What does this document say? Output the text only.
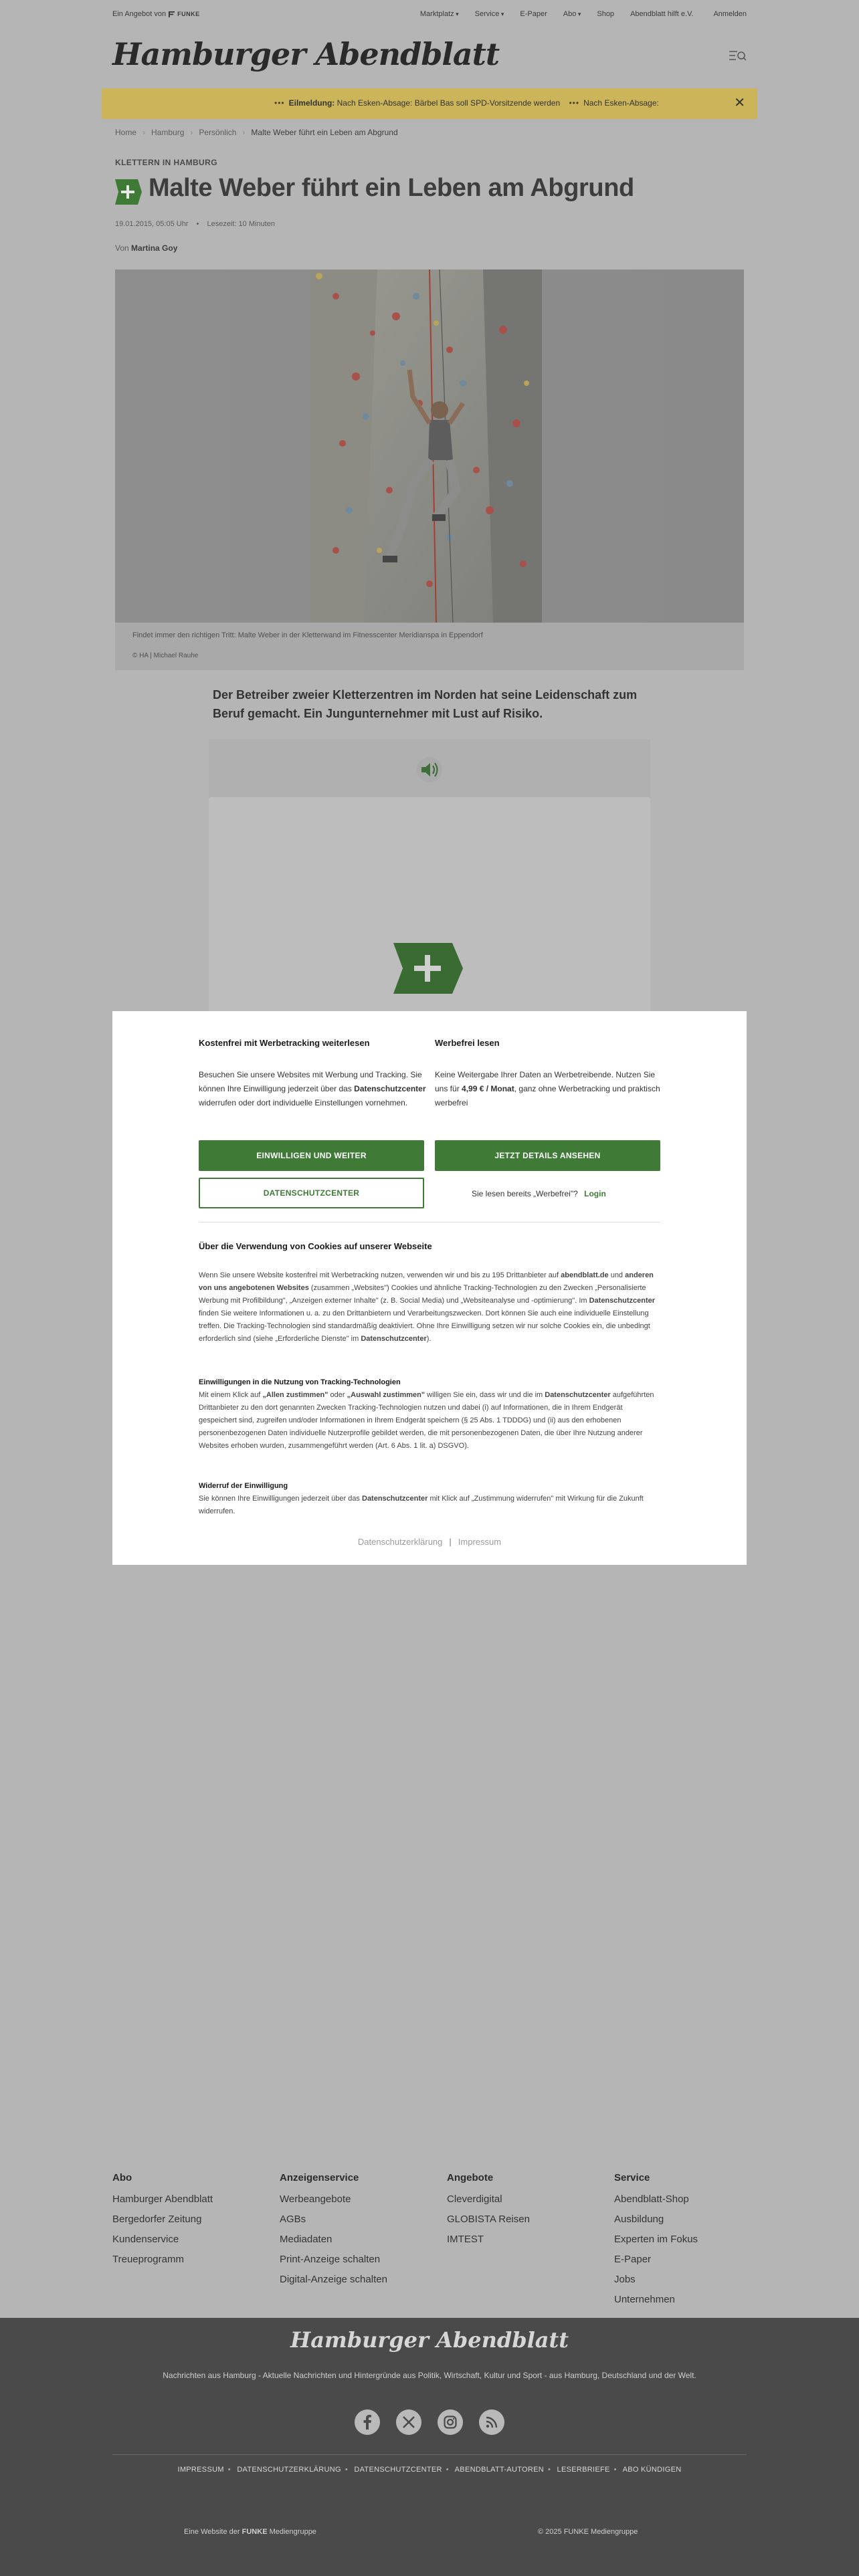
Ein Angebot von FUNKE	Marktplatz ▾	Service ▾	E-Paper Abo ▾	Shop Abendblatt hilft e.V.	Anmelden
Hamburger Abendblatt
••• Eilmeldung: Nach Esken-Absage: Bärbel Bas soll SPD-Vorsitzende werden ••• Nach Esken-Absage:	✕
Home › Hamburg › Persönlich › Malte Weber führt ein Leben am Abgrund
KLETTERN IN HAMBURG
Malte Weber führt ein Leben am Abgrund
19.01.2015, 05:05 Uhr • Lesezeit: 10 Minuten
Von Martina Goy
Findet immer den richtigen Tritt: Malte Weber in der Kletterwand im Fitnesscenter Meridianspa in Eppendorf
© HA | Michael Rauhe
Der Betreiber zweier Kletterzentren im Norden hat seine Leidenschaft zum Beruf gemacht. Ein Jungunternehmer mit Lust auf Risiko.
Kostenfrei mit Werbetracking weiterlesen
Besuchen Sie unsere Websites mit Werbung und Tracking. Sie können Ihre Einwilligung jederzeit über das Datenschutzcenter widerrufen oder dort individuelle Einstellungen vornehmen.
Werbefrei lesen
Keine Weitergabe Ihrer Daten an Werbetreibende. Nutzen Sie uns für 4,99 € / Monat, ganz ohne Werbetracking und praktisch werbefrei
EINWILLIGEN UND WEITER	JETZT DETAILS ANSEHEN
DATENSCHUTZCENTER	Sie lesen bereits „Werbefrei"? Login
Über die Verwendung von Cookies auf unserer Webseite
Wenn Sie unsere Website kostenfrei mit Werbetracking nutzen, verwenden wir und bis zu 195 Drittanbieter auf abendblatt.de und anderen von uns angebotenen Websites (zusammen „Websites") Cookies und ähnliche Tracking-Technologien zu den Zwecken „Personalisierte Werbung mit Profilbildung", „Anzeigen externer Inhalte" (z. B. Social Media) und „Websiteanalyse und -optimierung". Im Datenschutzcenter finden Sie weitere Informationen u. a. zu den Drittanbietern und Verarbeitungszwecken. Dort können Sie auch eine individuelle Einstellung treffen. Die Tracking-Technologien sind standardmäßig deaktiviert. Ohne Ihre Einwilligung setzen wir nur solche Cookies ein, die unbedingt erforderlich sind (siehe „Erforderliche Dienste" im Datenschutzcenter).
Einwilligungen in die Nutzung von Tracking-Technologien
Mit einem Klick auf „Allen zustimmen" oder „Auswahl zustimmen" willigen Sie ein, dass wir und die im Datenschutzcenter aufgeführten Drittanbieter zu den dort genannten Zwecken Tracking-Technologien nutzen und dabei (i) auf Informationen, die in Ihrem Endgerät gespeichert sind, zugreifen und/oder Informationen in Ihrem Endgerät speichern (§ 25 Abs. 1 TDDDG) und (ii) aus den erhobenen personenbezogenen Daten individuelle Nutzerprofile gebildet werden, die mit personenbezogenen Daten, die über Ihre Nutzung anderer Websites erhoben wurden, zusammengeführt werden (Art. 6 Abs. 1 lit. a) DSGVO).
Widerruf der Einwilligung
Sie können Ihre Einwilligungen jederzeit über das Datenschutzcenter mit Klick auf „Zustimmung widerrufen" mit Wirkung für die Zukunft widerrufen.
Datenschutzerklärung | Impressum
Abo
Hamburger Abendblatt
Bergedorfer Zeitung
Kundenservice
Treueprogramm
Anzeigenservice
Werbeangebote
AGBs
Mediadaten
Print-Anzeige schalten
Digital-Anzeige schalten
Angebote
Cleverdigital
GLOBISTA Reisen
IMTEST
Service
Abendblatt-Shop
Ausbildung
Experten im Fokus
E-Paper
Jobs
Unternehmen
Hamburger Abendblatt
Nachrichten aus Hamburg - Aktuelle Nachrichten und Hintergründe aus Politik, Wirtschaft, Kultur und Sport - aus Hamburg, Deutschland und der Welt.
IMPRESSUM • DATENSCHUTZERKLÄRUNG • DATENSCHUTZCENTER • ABENDBLATT-AUTOREN • LESERBRIEFE • ABO KÜNDIGEN
Eine Website der FUNKE Mediengruppe	© 2025 FUNKE Mediengruppe
